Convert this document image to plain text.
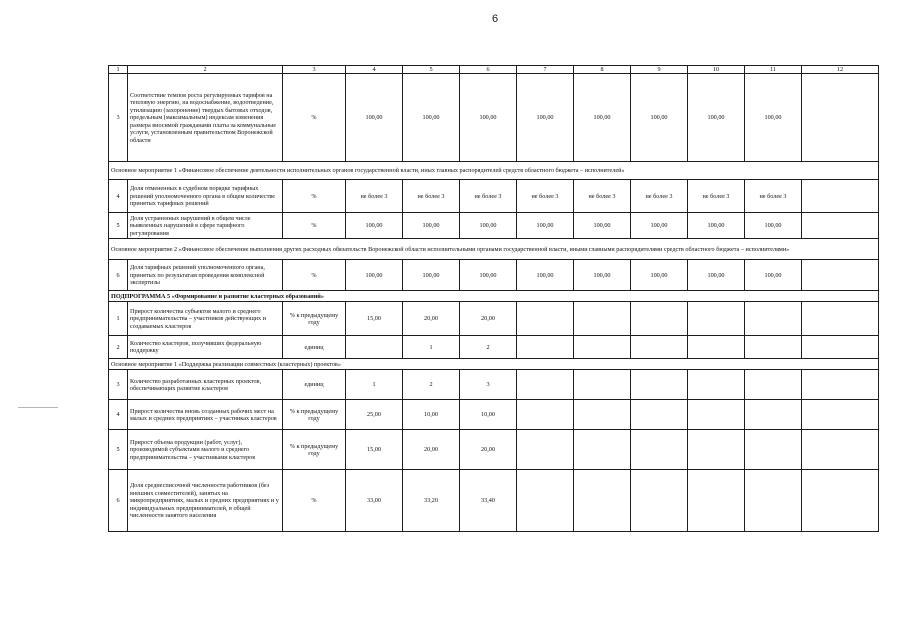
6
1	2	3	4	5	6	7	8	9	10	11	12
3	Соответствие темпов роста регулируемых тарифов на тепловую энергию, на водоснабжение, водоотведение, утилизацию (захоронение) твердых бытовых отходов, предельным (максимальным) индексам изменения размера вносимой гражданами платы за коммунальные услуги, установленным правительством Воронежской области	%	100,00	100,00	100,00	100,00	100,00	100,00	100,00	100,00	
Основное мероприятие 1 «Финансовое обеспечение деятельности исполнительных органов государственной власти, иных главных распорядителей средств областного бюджета – исполнителей»											
4	Доля отмененных в судебном порядке тарифных решений уполномоченного органа в общем количестве принятых тарифных решений	%	не более 3	не более 3	не более 3	не более 3	не более 3	не более 3	не более 3	не более 3	
5	Доля устраненных нарушений в общем числе выявленных нарушений в сфере тарифного регулирования	%	100,00	100,00	100,00	100,00	100,00	100,00	100,00	100,00	
Основное мероприятие 2 «Финансовое обеспечение выполнения других расходных обязательств Воронежской области исполнительными органами государственной власти, иными главными распорядителями средств областного бюджета – исполнителями»											
6	Доля тарифных решений уполномоченного органа, принятых по результатам проведения комплексной экспертизы	%	100,00	100,00	100,00	100,00	100,00	100,00	100,00	100,00	
ПОДПРОГРАММА 5 «Формирование и развитие кластерных образований»											
1	Прирост количества субъектов малого и среднего предпринимательства – участников действующих и создаваемых кластеров	% к предыдущему году	15,00	20,00	20,00						
2	Количество кластеров, получивших федеральную поддержку	единиц		1	2						
Основное мероприятие 1 «Поддержка реализации совместных (кластерных) проектов»											
3	Количество разработанных кластерных проектов, обеспечивающих развитие кластеров	единиц	1	2	3						
4	Прирост количества вновь созданных рабочих мест на малых и средних предприятиях – участниках кластеров	% к предыдущему году	25,00	10,00	10,00						
5	Прирост объема продукции (работ, услуг), производимой субъектами малого и среднего предпринимательства – участниками кластеров	% к предыдущему году	15,00	20,00	20,00						
6	Доля среднесписочной численности работников (без внешних совместителей), занятых на микропредприятиях, малых и средних предприятиях и у индивидуальных предпринимателей, в общей численности занятого населения	%	33,00	33,20	33,40						
